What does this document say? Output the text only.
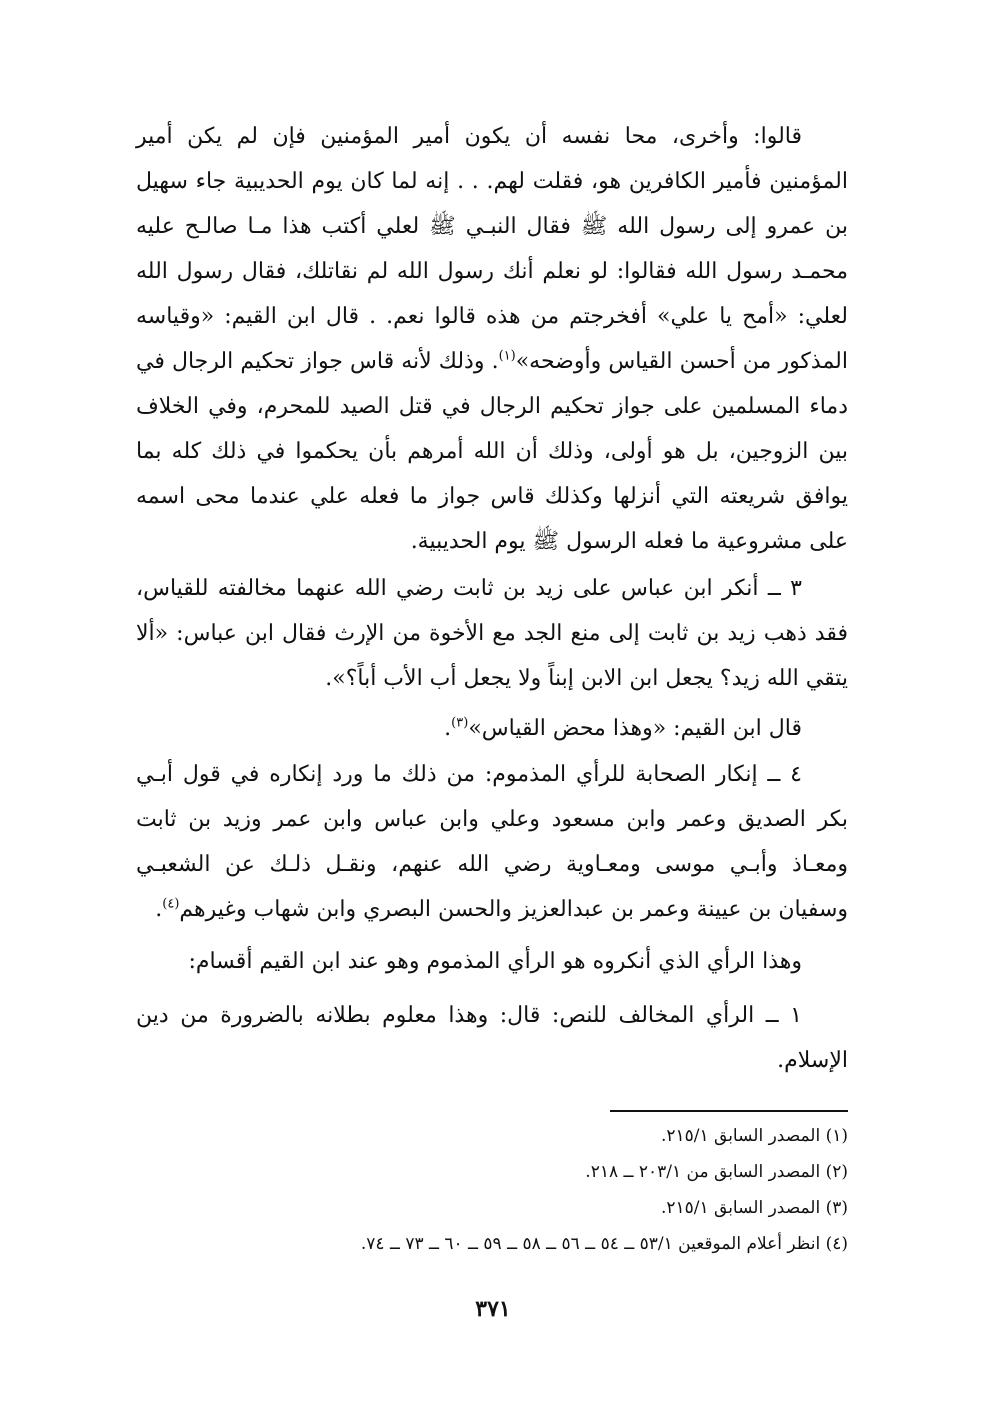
قالوا: وأخرى، محا نفسه أن يكون أمير المؤمنين فإن لم يكن أمير المؤمنين فأمير الكافرين هو، فقلت لهم. . . إنه لما كان يوم الحديبية جاء سهيل بن عمرو إلى رسول الله ﷺ فقال النبـي ﷺ لعلي أكتب هذا مـا صالـح عليه محمـد رسول الله فقالوا: لو نعلم أنك رسول الله لم نقاتلك، فقال رسول الله لعلي: «أمح يا علي» أفخرجتم من هذه قالوا نعم. . قال ابن القيم: «وقياسه المذكور من أحسن القياس وأوضحه»$^{(١)}$. وذلك لأنه قاس جواز تحكيم الرجال في دماء المسلمين على جواز تحكيم الرجال في قتل الصيد للمحرم، وفي الخلاف بين الزوجين، بل هو أولى، وذلك أن الله أمرهم بأن يحكموا في ذلك كله بما يوافق شريعته التي أنزلها وكذلك قاس جواز ما فعله علي عندما محى اسمه على مشروعية ما فعله الرسول ﷺ يوم الحديبية.

٣ ــ أنكر ابن عباس على زيد بن ثابت رضي الله عنهما مخالفته للقياس، فقد ذهب زيد بن ثابت إلى منع الجد مع الأخوة من الإرث فقال ابن عباس: «ألا يتقي الله زيد؟ يجعل ابن الابن إبناً ولا يجعل أب الأب أباً؟».

قال ابن القيم: «وهذا محض القياس»$^{(٣)}$.

٤ ــ إنكار الصحابة للرأي المذموم: من ذلك ما ورد إنكاره في قول أبـي بكر الصديق وعمر وابن مسعود وعلي وابن عباس وابن عمر وزيد بن ثابت ومعـاذ وأبـي موسى ومعـاوية رضي الله عنهم، ونقـل ذلـك عن الشعبـي وسفيان بن عيينة وعمر بن عبدالعزيز والحسن البصري وابن شهاب وغيرهم$^{(٤)}$.

وهذا الرأي الذي أنكروه هو الرأي المذموم وهو عند ابن القيم أقسام:

١ ــ الرأي المخالف للنص: قال: وهذا معلوم بطلانه بالضرورة من دين الإسلام.

(١) المصدر السابق ٢١٥/١.

(٢) المصدر السابق من ٢٠٣/١ ــ ٢١٨.

(٣) المصدر السابق ٢١٥/١.

(٤) انظر أعلام الموقعين ٥٣/١ ــ ٥٤ ــ ٥٦ ــ ٥٨ ــ ٥٩ ــ ٦٠ ــ ٧٣ ــ ٧٤.

٣٧١
